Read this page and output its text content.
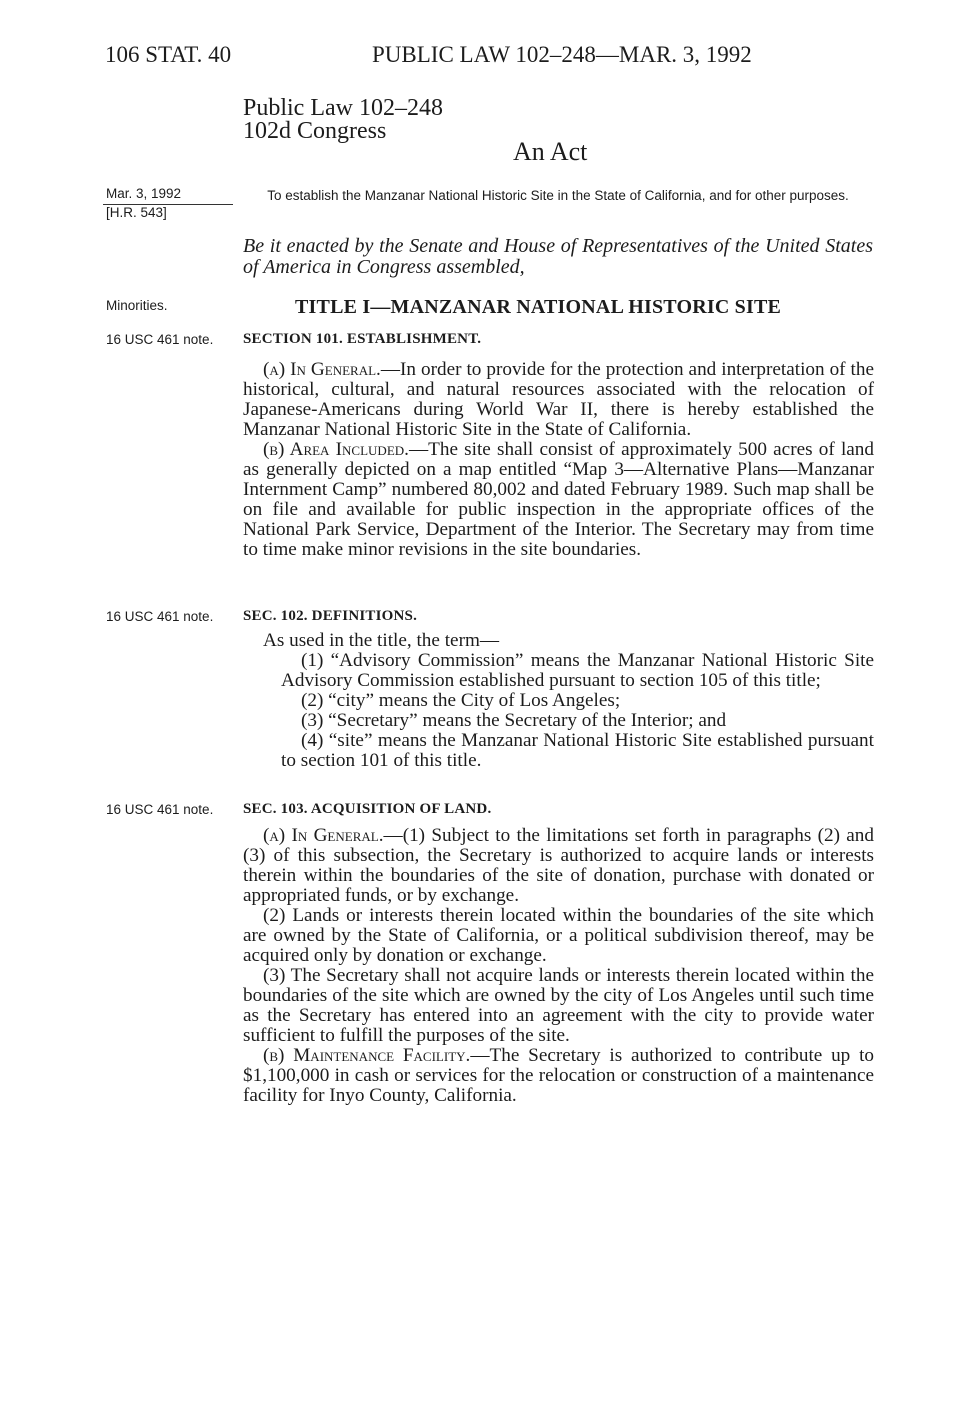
106 STAT. 40	PUBLIC LAW 102–248—MAR. 3, 1992
Public Law 102–248
102d Congress
An Act
Mar. 3, 1992
[H.R. 543]
To establish the Manzanar National Historic Site in the State of California, and for other purposes.
Be it enacted by the Senate and House of Representatives of the United States of America in Congress assembled,
Minorities.	TITLE I—MANZANAR NATIONAL HISTORIC SITE
16 USC 461 note. SECTION 101. ESTABLISHMENT.

(a) In General.—In order to provide for the protection and interpretation of the historical, cultural, and natural resources associated with the relocation of Japanese-Americans during World War II, there is hereby established the Manzanar National Historic Site in the State of California.

(b) Area Included.—The site shall consist of approximately 500 acres of land as generally depicted on a map entitled “Map 3—Alternative Plans—Manzanar Internment Camp” numbered 80,002 and dated February 1989. Such map shall be on file and available for public inspection in the appropriate offices of the National Park Service, Department of the Interior. The Secretary may from time to time make minor revisions in the site boundaries.

16 USC 461 note. SEC. 102. DEFINITIONS.

As used in the title, the term—

(1) “Advisory Commission” means the Manzanar National Historic Site Advisory Commission established pursuant to section 105 of this title;

(2) “city” means the City of Los Angeles;

(3) “Secretary” means the Secretary of the Interior; and

(4) “site” means the Manzanar National Historic Site established pursuant to section 101 of this title.

16 USC 461 note. SEC. 103. ACQUISITION OF LAND.

(a) In General.—(1) Subject to the limitations set forth in paragraphs (2) and (3) of this subsection, the Secretary is authorized to acquire lands or interests therein within the boundaries of the site of donation, purchase with donated or appropriated funds, or by exchange.

(2) Lands or interests therein located within the boundaries of the site which are owned by the State of California, or a political subdivision thereof, may be acquired only by donation or exchange.

(3) The Secretary shall not acquire lands or interests therein located within the boundaries of the site which are owned by the city of Los Angeles until such time as the Secretary has entered into an agreement with the city to provide water sufficient to fulfill the purposes of the site.

(b) Maintenance Facility.—The Secretary is authorized to contribute up to $1,100,000 in cash or services for the relocation or construction of a maintenance facility for Inyo County, California.
